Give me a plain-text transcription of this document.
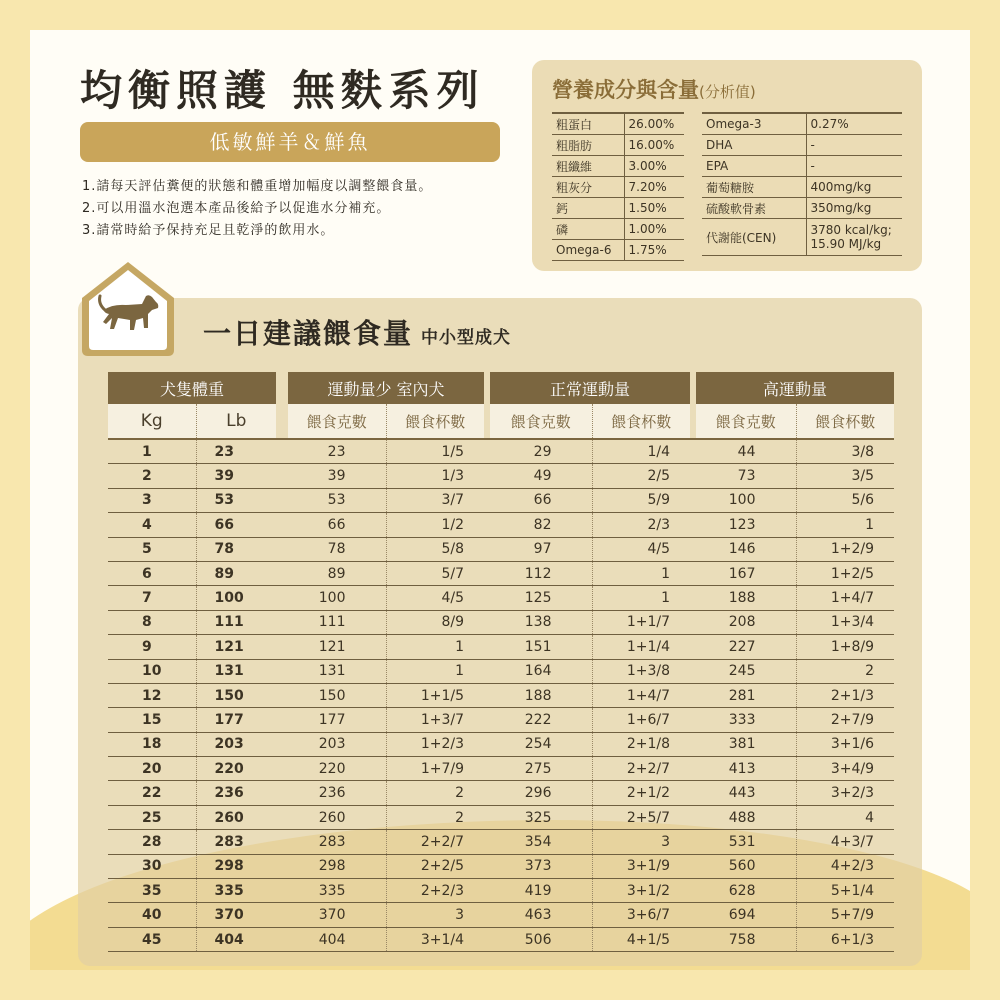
均衡照護 無麩系列
低敏鮮羊＆鮮魚
1.請每天評估糞便的狀態和體重增加幅度以調整餵食量。
2.可以用溫水泡選本產品後給予以促進水分補充。
3.請常時給予保持充足且乾淨的飲用水。
營養成分與含量(分析值)
粗蛋白	26.00%
粗脂肪	16.00%
粗纖維	3.00%
粗灰分	7.20%
鈣	1.50%
磷	1.00%
Omega-6	1.75%
Omega-3	0.27%
DHA	-
EPA	-
葡萄糖胺	400mg/kg
硫酸軟骨素	350mg/kg
代謝能(CEN)	3780 kcal/kg;
15.90 MJ/kg
一日建議餵食量 中小型成犬
犬隻體重			運動量少 室內犬			正常運動量			高運動量	
Kg	Lb		餵食克數	餵食杯數		餵食克數	餵食杯數		餵食克數	餵食杯數
1	23		23	1/5		29	1/4		44	3/8
2	39		39	1/3		49	2/5		73	3/5
3	53		53	3/7		66	5/9		100	5/6
4	66		66	1/2		82	2/3		123	1
5	78		78	5/8		97	4/5		146	1+2/9
6	89		89	5/7		112	1		167	1+2/5
7	100		100	4/5		125	1		188	1+4/7
8	111		111	8/9		138	1+1/7		208	1+3/4
9	121		121	1		151	1+1/4		227	1+8/9
10	131		131	1		164	1+3/8		245	2
12	150		150	1+1/5		188	1+4/7		281	2+1/3
15	177		177	1+3/7		222	1+6/7		333	2+7/9
18	203		203	1+2/3		254	2+1/8		381	3+1/6
20	220		220	1+7/9		275	2+2/7		413	3+4/9
22	236		236	2		296	2+1/2		443	3+2/3
25	260		260	2		325	2+5/7		488	4
28	283		283	2+2/7		354	3		531	4+3/7
30	298		298	2+2/5		373	3+1/9		560	4+2/3
35	335		335	2+2/3		419	3+1/2		628	5+1/4
40	370		370	3		463	3+6/7		694	5+7/9
45	404		404	3+1/4		506	4+1/5		758	6+1/3
